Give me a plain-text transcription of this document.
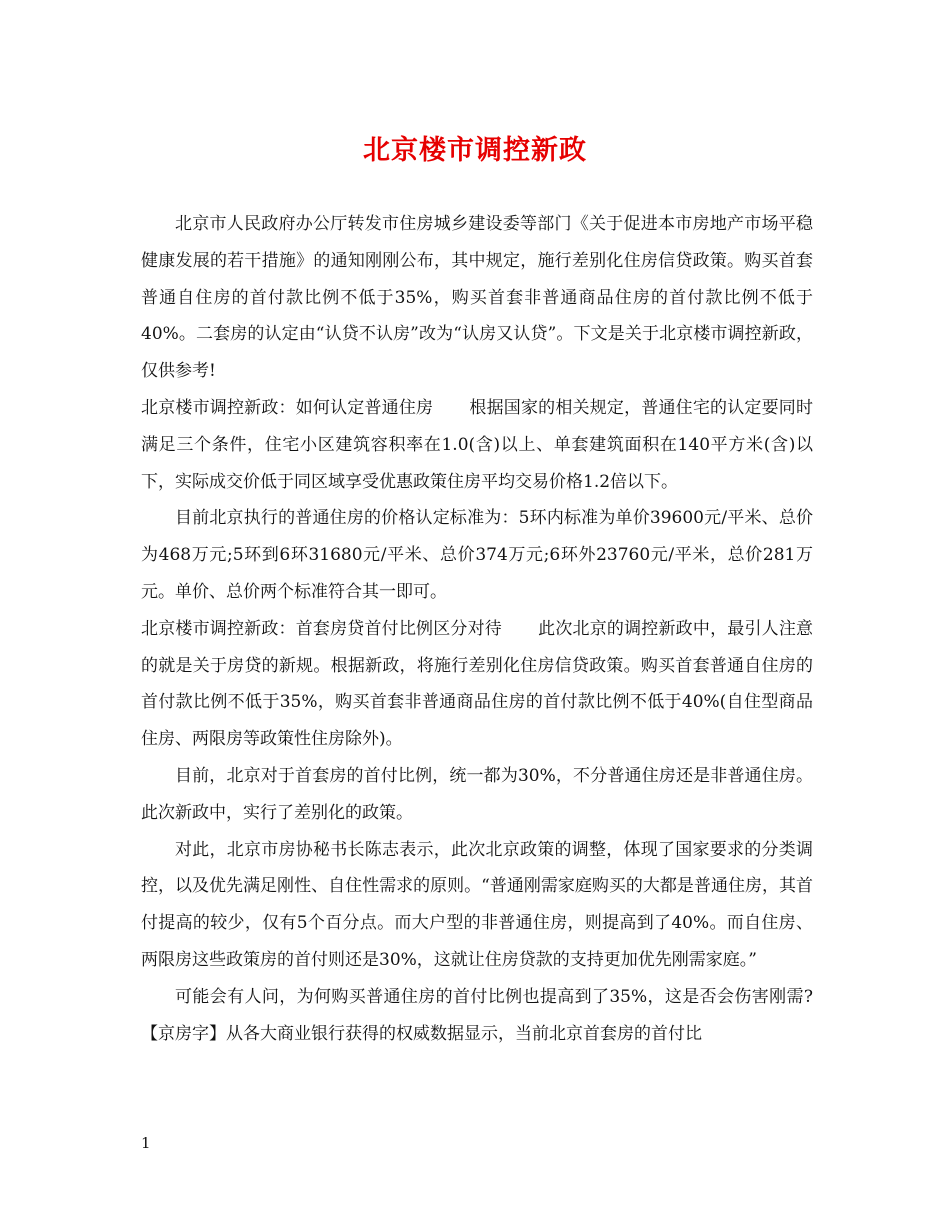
北京楼市调控新政

北京市人民政府办公厅转发市住房城乡建设委等部门《关于促进本市房地产市场平稳健康发展的若干措施》的通知刚刚公布，其中规定，施行差别化住房信贷政策。购买首套普通自住房的首付款比例不低于35%，购买首套非普通商品住房的首付款比例不低于40%。二套房的认定由“认贷不认房”改为“认房又认贷”。下文是关于北京楼市调控新政，仅供参考!

北京楼市调控新政：如何认定普通住房 根据国家的相关规定，普通住宅的认定要同时满足三个条件，住宅小区建筑容积率在1.0(含)以上、单套建筑面积在140平方米(含)以下，实际成交价低于同区域享受优惠政策住房平均交易价格1.2倍以下。

目前北京执行的普通住房的价格认定标准为：5环内标准为单价39600元/平米、总价为468万元;5环到6环31680元/平米、总价374万元;6环外23760元/平米，总价281万元。单价、总价两个标准符合其一即可。

北京楼市调控新政：首套房贷首付比例区分对待 此次北京的调控新政中，最引人注意的就是关于房贷的新规。根据新政，将施行差别化住房信贷政策。购买首套普通自住房的首付款比例不低于35%，购买首套非普通商品住房的首付款比例不低于40%(自住型商品住房、两限房等政策性住房除外)。

目前，北京对于首套房的首付比例，统一都为30%，不分普通住房还是非普通住房。此次新政中，实行了差别化的政策。

对此，北京市房协秘书长陈志表示，此次北京政策的调整，体现了国家要求的分类调控，以及优先满足刚性、自住性需求的原则。“普通刚需家庭购买的大都是普通住房，其首付提高的较少，仅有5个百分点。而大户型的非普通住房，则提高到了40%。而自住房、两限房这些政策房的首付则还是30%，这就让住房贷款的支持更加优先刚需家庭。”

可能会有人问，为何购买普通住房的首付比例也提高到了35%，这是否会伤害刚需?【京房字】从各大商业银行获得的权威数据显示，当前北京首套房的首付比

1
